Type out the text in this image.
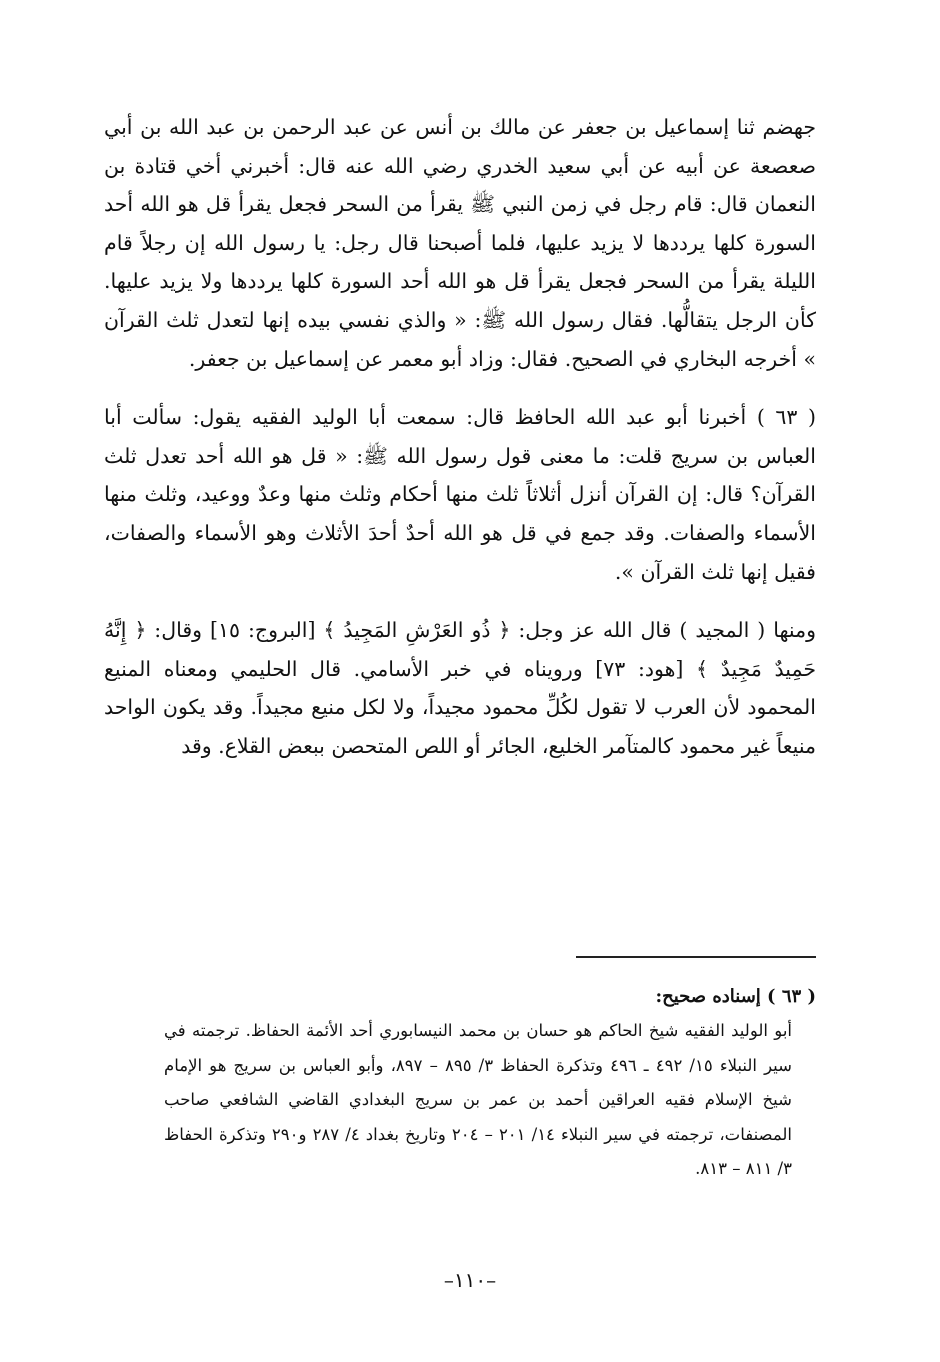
جهضم ثنا إسماعيل بن جعفر عن مالك بن أنس عن عبد الرحمن بن عبد الله بن أبي صعصعة عن أبيه عن أبي سعيد الخدري رضي الله عنه قال: أخبرني أخي قتادة بن النعمان قال: قام رجل في زمن النبي ﷺ يقرأ من السحر فجعل يقرأ قل هو الله أحد السورة كلها يرددها لا يزيد عليها، فلما أصبحنا قال رجل: يا رسول الله إن رجلاً قام الليلة يقرأ من السحر فجعل يقرأ قل هو الله أحد السورة كلها يرددها ولا يزيد عليها. كأن الرجل يتقالُّها. فقال رسول الله ﷺ: « والذي نفسي بيده إنها لتعدل ثلث القرآن » أخرجه البخاري في الصحيح. فقال: وزاد أبو معمر عن إسماعيل بن جعفر.

( ٦٣ ) أخبرنا أبو عبد الله الحافظ قال: سمعت أبا الوليد الفقيه يقول: سألت أبا العباس بن سريج قلت: ما معنى قول رسول الله ﷺ: « قل هو الله أحد تعدل ثلث القرآن؟ قال: إن القرآن أنزل أثلاثاً ثلث منها أحكام وثلث منها وعدٌ ووعيد، وثلث منها الأسماء والصفات. وقد جمع في قل هو الله أحدٌ أحدَ الأثلاث وهو الأسماء والصفات، فقيل إنها ثلث القرآن ».

ومنها ( المجيد ) قال الله عز وجل: ﴿ ذُو العَرْشِ المَجِيدُ ﴾ [البروج: ١٥] وقال: ﴿ إِنَّهُ حَمِيدٌ مَجِيدٌ ﴾ [هود: ٧٣] ورويناه في خبر الأسامي. قال الحليمي ومعناه المنيع المحمود لأن العرب لا تقول لكُلِّ محمود مجيداً، ولا لكل منيع مجيداً. وقد يكون الواحد منيعاً غير محمود كالمتآمر الخليع، الجائر أو اللص المتحصن ببعض القلاع. وقد

( ٦٣ ) إسناده صحيح:

أبو الوليد الفقيه شيخ الحاكم هو حسان بن محمد النيسابوري أحد الأئمة الحفاظ. ترجمته في سير النبلاء ١٥/ ٤٩٢ ـ ٤٩٦ وتذكرة الحفاظ ٣/ ٨٩٥ – ٨٩٧، وأبو العباس بن سريج هو الإمام شيخ الإسلام فقيه العراقين أحمد بن عمر بن سريج البغدادي القاضي الشافعي صاحب المصنفات، ترجمته في سير النبلاء ١٤/ ٢٠١ – ٢٠٤ وتاريخ بغداد ٤/ ٢٨٧ و٢٩٠ وتذكرة الحفاظ ٣/ ٨١١ – ٨١٣.

–١١٠–
